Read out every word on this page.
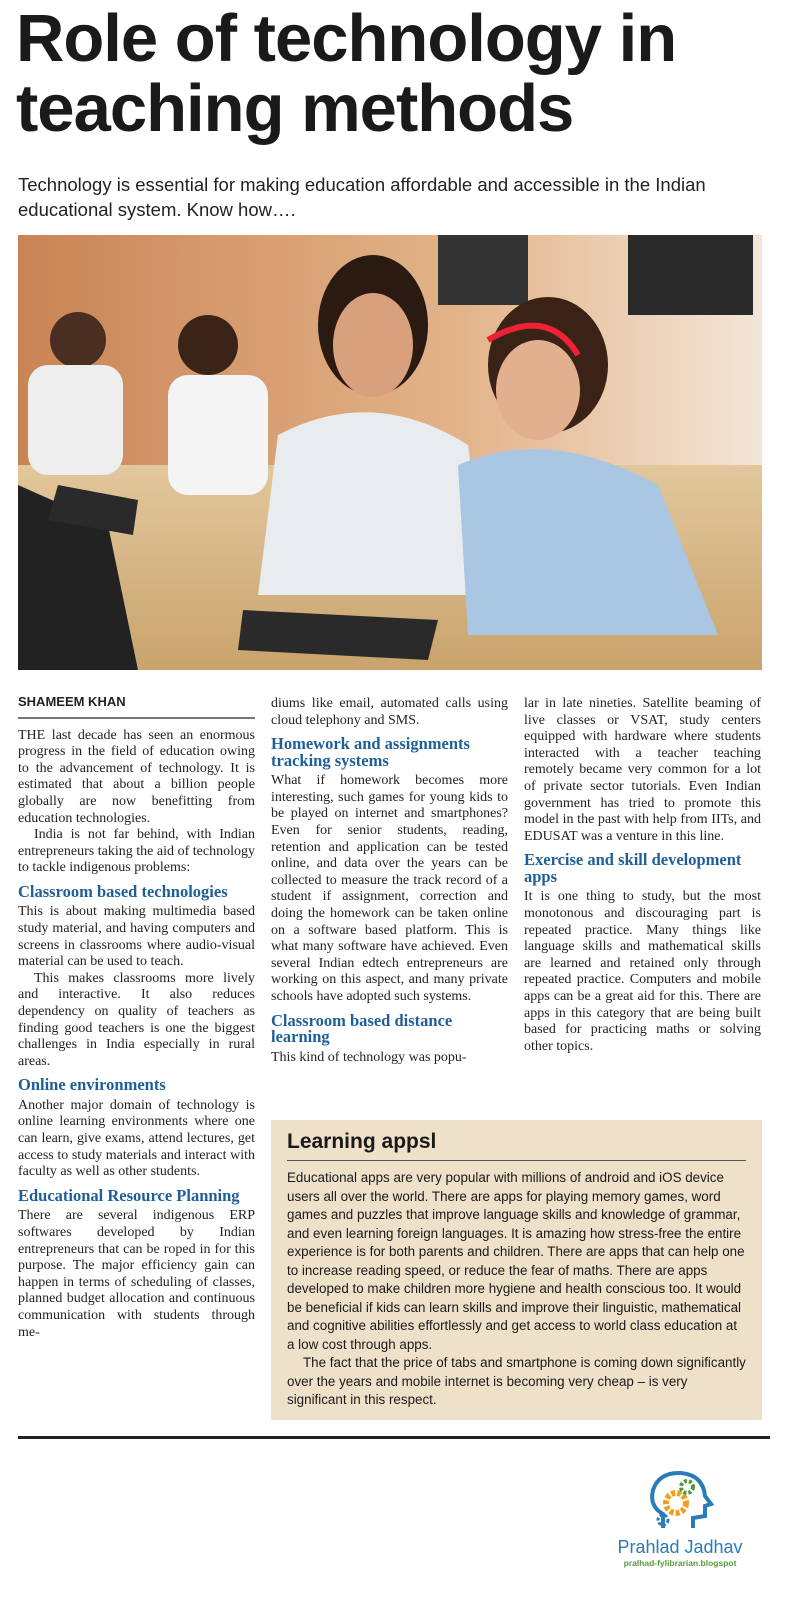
Role of technology in teaching methods

Technology is essential for making education affordable and accessible in the Indian educational system. Know how….

SHAMEEM KHAN

THE last decade has seen an enormous progress in the field of education owing to the advancement of technology. It is estimated that about a billion people globally are now benefitting from education technologies.

India is not far behind, with Indian entrepreneurs taking the aid of technology to tackle indigenous problems:

Classroom based technologies

This is about making multimedia based study material, and having computers and screens in classrooms where audio-visual material can be used to teach.

This makes classrooms more lively and interactive. It also reduces dependency on quality of teachers as finding good teachers is one the biggest challenges in India especially in rural areas.

Online environments

Another major domain of technology is online learning environments where one can learn, give exams, attend lectures, get access to study materials and interact with faculty as well as other students.

Educational Resource Planning

There are several indigenous ERP softwares developed by Indian entrepreneurs that can be roped in for this purpose. The major efficiency gain can happen in terms of scheduling of classes, planned budget allocation and continuous communication with students through me-

diums like email, automated calls using cloud telephony and SMS.

Homework and assignments tracking systems

What if homework becomes more interesting, such games for young kids to be played on internet and smartphones? Even for senior students, reading, retention and application can be tested online, and data over the years can be collected to measure the track record of a student if assignment, correction and doing the homework can be taken online on a software based platform. This is what many software have achieved. Even several Indian edtech entrepreneurs are working on this aspect, and many private schools have adopted such systems.

Classroom based distance learning

This kind of technology was popu-

lar in late nineties. Satellite beaming of live classes or VSAT, study centers equipped with hardware where students interacted with a teacher teaching remotely became very common for a lot of private sector tutorials. Even Indian government has tried to promote this model in the past with help from IITs, and EDUSAT was a venture in this line.

Exercise and skill development apps

It is one thing to study, but the most monotonous and discouraging part is repeated practice. Many things like language skills and mathematical skills are learned and retained only through repeated practice. Computers and mobile apps can be a great aid for this. There are apps in this category that are being built based for practicing maths or solving other topics.

Learning appsl

Educational apps are very popular with millions of android and iOS device users all over the world. There are apps for playing memory games, word games and puzzles that improve language skills and knowledge of grammar, and even learning foreign languages. It is amazing how stress-free the entire experience is for both parents and children. There are apps that can help one to increase reading speed, or reduce the fear of maths. There are apps developed to make children more hygiene and health conscious too. It would be beneficial if kids can learn skills and improve their linguistic, mathematical and cognitive abilities effortlessly and get access to world class education at a low cost through apps.

The fact that the price of tabs and smartphone is coming down significantly over the years and mobile internet is becoming very cheap – is very significant in this respect.

Prahlad Jadhav
pralhad-fylibrarian.blogspot
